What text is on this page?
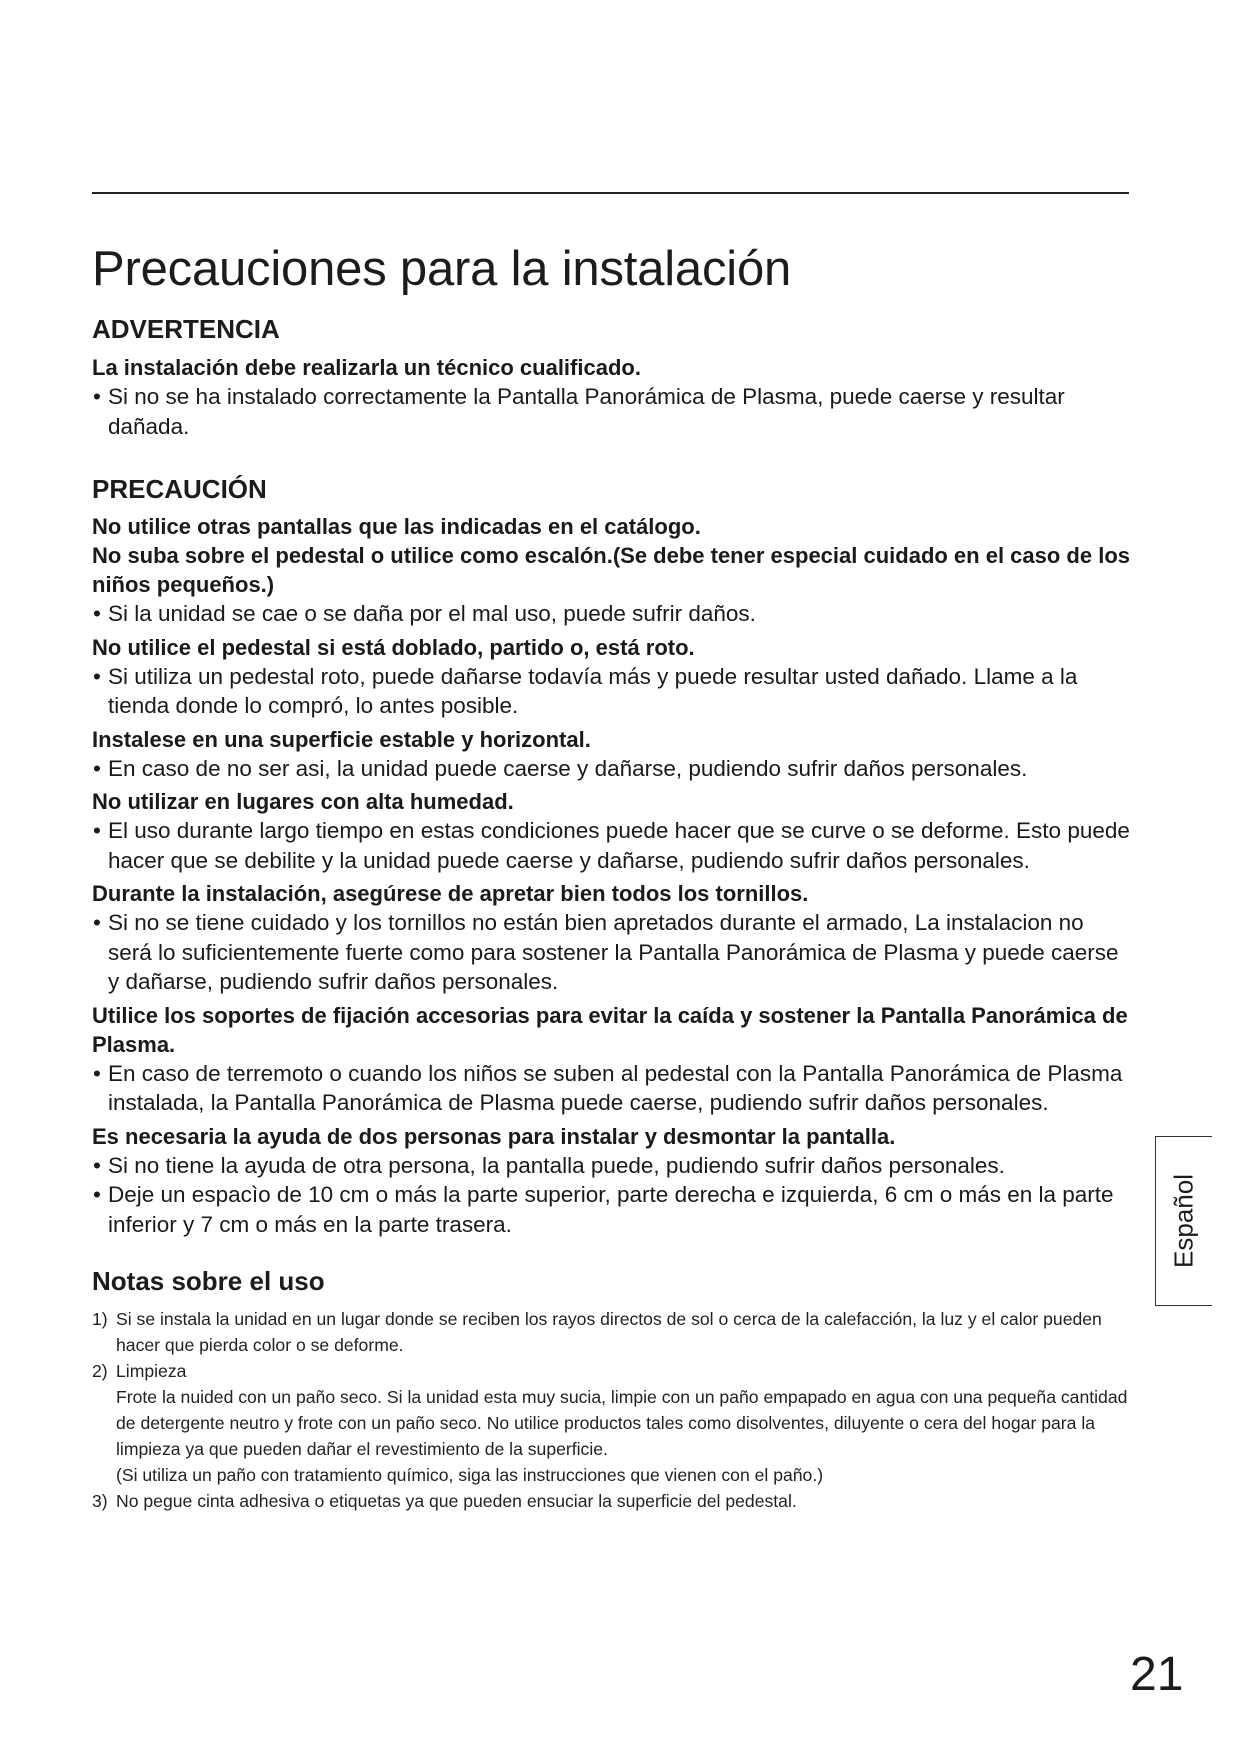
Precauciones para la instalación
ADVERTENCIA
La instalación debe realizarla un técnico cualificado.
• Si no se ha instalado correctamente la Pantalla Panorámica de Plasma, puede caerse y resultar dañada.
PRECAUCIÓN
No utilice otras pantallas que las indicadas en el catálogo.
No suba sobre el pedestal o utilice como escalón.(Se debe tener especial cuidado en el caso de los niños pequeños.)
• Si la unidad se cae o se daña por el mal uso, puede sufrir daños.
No utilice el pedestal si está doblado, partido o, está roto.
• Si utiliza un pedestal roto, puede dañarse todavía más y puede resultar usted dañado. Llame a la tienda donde lo compró, lo antes posible.
Instalese en una superficie estable y horizontal.
• En caso de no ser asi, la unidad puede caerse y dañarse, pudiendo sufrir daños personales.
No utilizar en lugares con alta humedad.
• El uso durante largo tiempo en estas condiciones puede hacer que se curve o se deforme. Esto puede hacer que se debilite y la unidad puede caerse y dañarse, pudiendo sufrir daños personales.
Durante la instalación, asegúrese de apretar bien todos los tornillos.
• Si no se tiene cuidado y los tornillos no están bien apretados durante el armado, La instalacion no será lo suficientemente fuerte como para sostener la Pantalla Panorámica de Plasma y puede caerse y dañarse, pudiendo sufrir daños personales.
Utilice los soportes de fijación accesorias para evitar la caída y sostener la Pantalla Panorámica de Plasma.
• En caso de terremoto o cuando los niños se suben al pedestal con la Pantalla Panorámica de Plasma instalada, la Pantalla Panorámica de Plasma puede caerse, pudiendo sufrir daños personales.
Es necesaria la ayuda de dos personas para instalar y desmontar la pantalla.
• Si no tiene la ayuda de otra persona, la pantalla puede, pudiendo sufrir daños personales.
• Deje un espacìo de 10 cm o más la parte superior, parte derecha e izquierda, 6 cm o más en la parte inferior y 7 cm o más en la parte trasera.
Notas sobre el uso
1) Si se instala la unidad en un lugar donde se reciben los rayos directos de sol o cerca de la calefacción, la luz y el calor pueden hacer que pierda color o se deforme.
2) Limpieza
Frote la nuided con un paño seco. Si la unidad esta muy sucia, limpie con un paño empapado en agua con una pequeña cantidad de detergente neutro y frote con un paño seco. No utilice productos tales como disolventes, diluyente o cera del hogar para la limpieza ya que pueden dañar el revestimiento de la superficie.
(Si utiliza un paño con tratamiento químico, siga las instrucciones que vienen con el paño.)
3) No pegue cinta adhesiva o etiquetas ya que pueden ensuciar la superficie del pedestal.
Español
21
